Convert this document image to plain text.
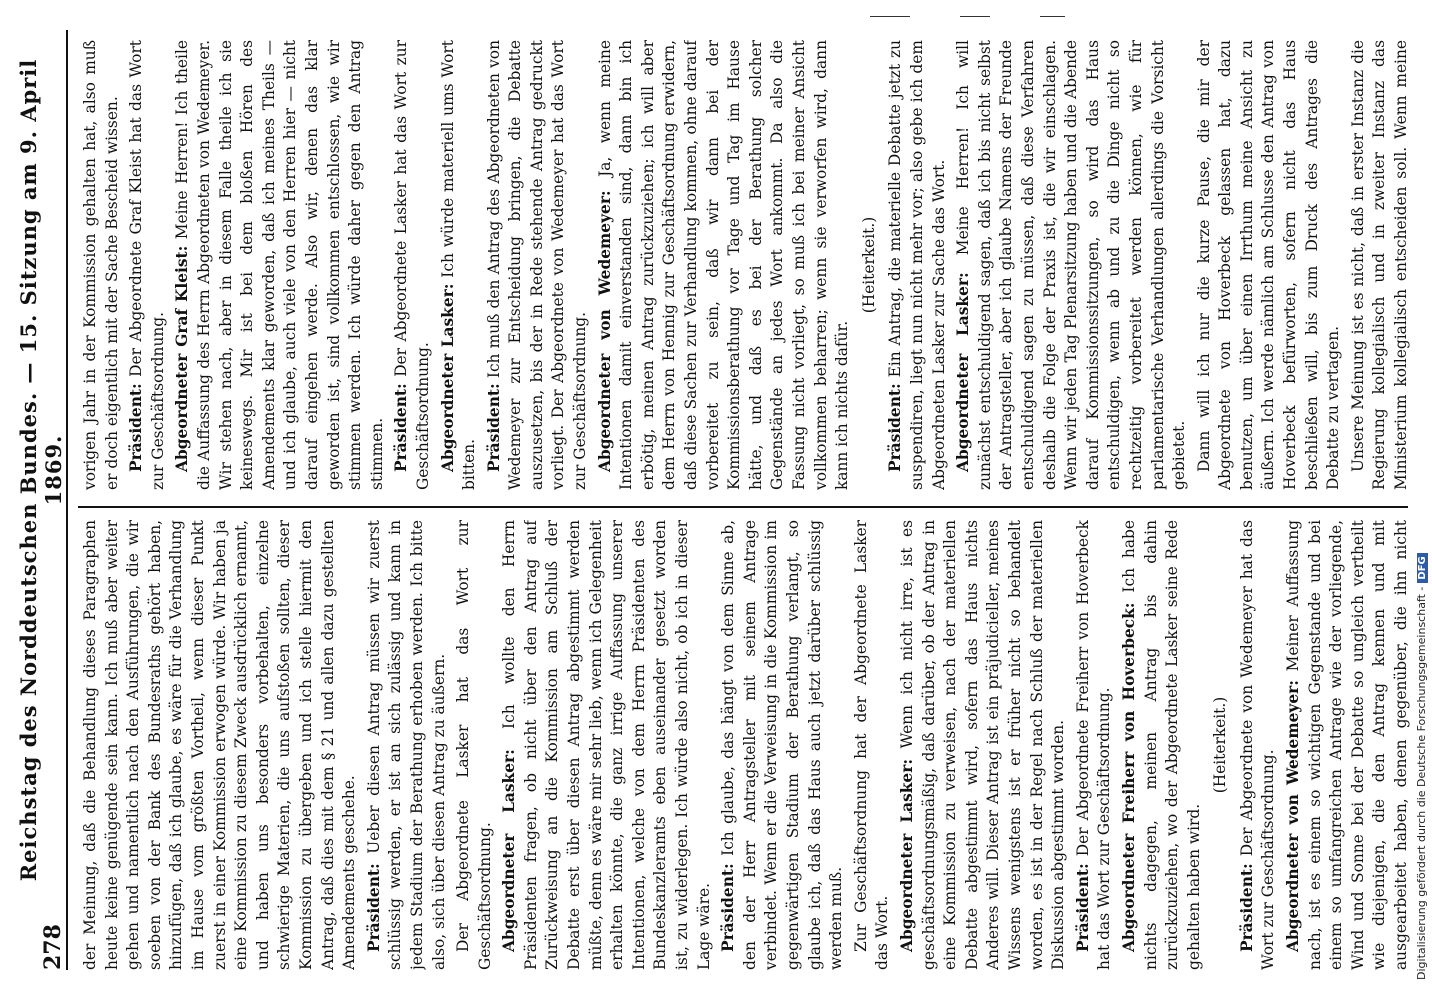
278
Reichstag des Norddeutschen Bundes. — 15. Sitzung am 9. April 1869.

der Meinung, daß die Behandlung dieses Paragraphen heute keine genügende sein kann. Ich muß aber weiter gehen und namentlich nach den Ausführungen, die wir soeben von der Bank des Bundesraths gehört haben, hinzufügen, daß ich glaube, es wäre für die Verhandlung im Hause vom größten Vortheil, wenn dieser Punkt zuerst in einer Kommission erwogen würde. Wir haben ja eine Kommission zu diesem Zweck ausdrücklich ernannt, und haben uns besonders vorbehalten, einzelne schwierige Materien, die uns aufstoßen sollten, dieser Kommission zu übergeben und ich stelle hiermit den Antrag, daß dies mit dem § 21 und allen dazu gestellten Amendements geschehe. Präsident: Ueber diesen Antrag müssen wir zuerst schlüssig werden, er ist an sich zulässig und kann in jedem Stadium der Berathung erhoben werden. Ich bitte also, sich über diesen Antrag zu äußern. Der Abgeordnete Lasker hat das Wort zur Geschäftsordnung. Abgeordneter Lasker: Ich wollte den Herrn Präsidenten fragen, ob nicht über den Antrag auf Zurückweisung an die Kommission am Schluß der Debatte erst über diesen Antrag abgestimmt werden müßte, denn es wäre mir sehr lieb, wenn ich Gelegenheit erhalten könnte, die ganz irrige Auffassung unserer Intentionen, welche von dem Herrn Präsidenten des Bundeskanzleramts eben auseinander gesetzt worden ist, zu widerlegen. Ich würde also nicht, ob ich in dieser Lage wäre. Präsident: Ich glaube, das hängt von dem Sinne ab, den der Herr Antragsteller mit seinem Antrage verbindet. Wenn er die Verweisung in die Kommission im gegenwärtigen Stadium der Berathung verlangt, so glaube ich, daß das Haus auch jetzt darüber schlüssig werden muß. Zur Geschäftsordnung hat der Abgeordnete Lasker das Wort. Abgeordneter Lasker: Wenn ich nicht irre, ist es geschäftsordnungsmäßig, daß darüber, ob der Antrag in eine Kommission zu verweisen, nach der materiellen Debatte abgestimmt wird, sofern das Haus nichts Anderes will. Dieser Antrag ist ein präjudicieller, meines Wissens wenigstens ist er früher nicht so behandelt worden, es ist in der Regel nach Schluß der materiellen Diskussion abgestimmt worden. Präsident: Der Abgeordnete Freiherr von Hoverbeck hat das Wort zur Geschäftsordnung. Abgeordneter Freiherr von Hoverbeck: Ich habe nichts dagegen, meinen Antrag bis dahin zurückzuziehen, wo der Abgeordnete Lasker seine Rede gehalten haben wird.

(Heiterkeit.)

Präsident: Der Abgeordnete von Wedemeyer hat das Wort zur Geschäftsordnung. Abgeordneter von Wedemeyer: Meiner Auffassung nach, ist es einem so wichtigen Gegenstande und bei einem so umfangreichen Antrage wie der vorliegende, Wind und Sonne bei der Debatte so ungleich vertheilt wie diejenigen, die den Antrag kennen und mit ausgearbeitet haben, denen gegenüber, die ihn nicht

vorigen Jahr in der Kommission gehalten hat, also muß er doch eigentlich mit der Sache Bescheid wissen. Präsident: Der Abgeordnete Graf Kleist hat das Wort zur Geschäftsordnung. Abgeordneter Graf Kleist: Meine Herren! Ich theile die Auffassung des Herrn Abgeordneten von Wedemeyer. Wir stehen nach, aber in diesem Falle theile ich sie keineswegs. Mir ist bei dem bloßen Hören des Amendements klar geworden, daß ich meines Theils — und ich glaube, auch viele von den Herren hier — nicht darauf eingehen werde. Also wir, denen das klar geworden ist, sind vollkommen entschlossen, wie wir stimmen werden. Ich würde daher gegen den Antrag stimmen. Präsident: Der Abgeordnete Lasker hat das Wort zur Geschäftsordnung. Abgeordneter Lasker: Ich würde materiell ums Wort bitten. Präsident: Ich muß den Antrag des Abgeordneten von Wedemeyer zur Entscheidung bringen, die Debatte auszusetzen, bis der in Rede stehende Antrag gedruckt vorliegt. Der Abgeordnete von Wedemeyer hat das Wort zur Geschäftsordnung. Abgeordneter von Wedemeyer: Ja, wenn meine Intentionen damit einverstanden sind, dann bin ich erbötig, meinen Antrag zurückzuziehen; ich will aber dem Herrn von Hennig zur Geschäftsordnung erwidern, daß diese Sachen zur Verhandlung kommen, ohne darauf vorbereitet zu sein, daß wir dann bei der Kommissionsberathung vor Tage und Tag im Hause hätte, und daß es bei der Berathung solcher Gegenstände an jedes Wort ankommt. Da also die Fassung nicht vorliegt, so muß ich bei meiner Ansicht vollkommen beharren; wenn sie verworfen wird, dann kann ich nichts dafür.

(Heiterkeit.)

Präsident: Ein Antrag, die materielle Debatte jetzt zu suspendiren, liegt nun nicht mehr vor; also gebe ich dem Abgeordneten Lasker zur Sache das Wort. Abgeordneter Lasker: Meine Herren! Ich will zunächst entschuldigend sagen, daß ich bis nicht selbst der Antragsteller, aber ich glaube Namens der Freunde entschuldigend sagen zu müssen, daß diese Verfahren deshalb die Folge der Praxis ist, die wir einschlagen. Wenn wir jeden Tag Plenarsitzung haben und die Abende darauf Kommissionssitzungen, so wird das Haus entschuldigen, wenn ab und zu die Dinge nicht so rechtzeitig vorbereitet werden können, wie für parlamentarische Verhandlungen allerdings die Vorsicht gebietet. Dann will ich nur die kurze Pause, die mir der Abgeordnete von Hoverbeck gelassen hat, dazu benutzen, um über einen Irrthum meine Ansicht zu äußern. Ich werde nämlich am Schlusse den Antrag von Hoverbeck befürworten, sofern nicht das Haus beschließen will, bis zum Druck des Antrages die Debatte zu vertagen. Unsere Meinung ist es nicht, daß in erster Instanz die Regierung kollegialisch und in zweiter Instanz das Ministerium kollegialisch entscheiden soll. Wenn meine

Digitalisierung gefördert durch die Deutsche Forschungsgemeinschaft -DFG
